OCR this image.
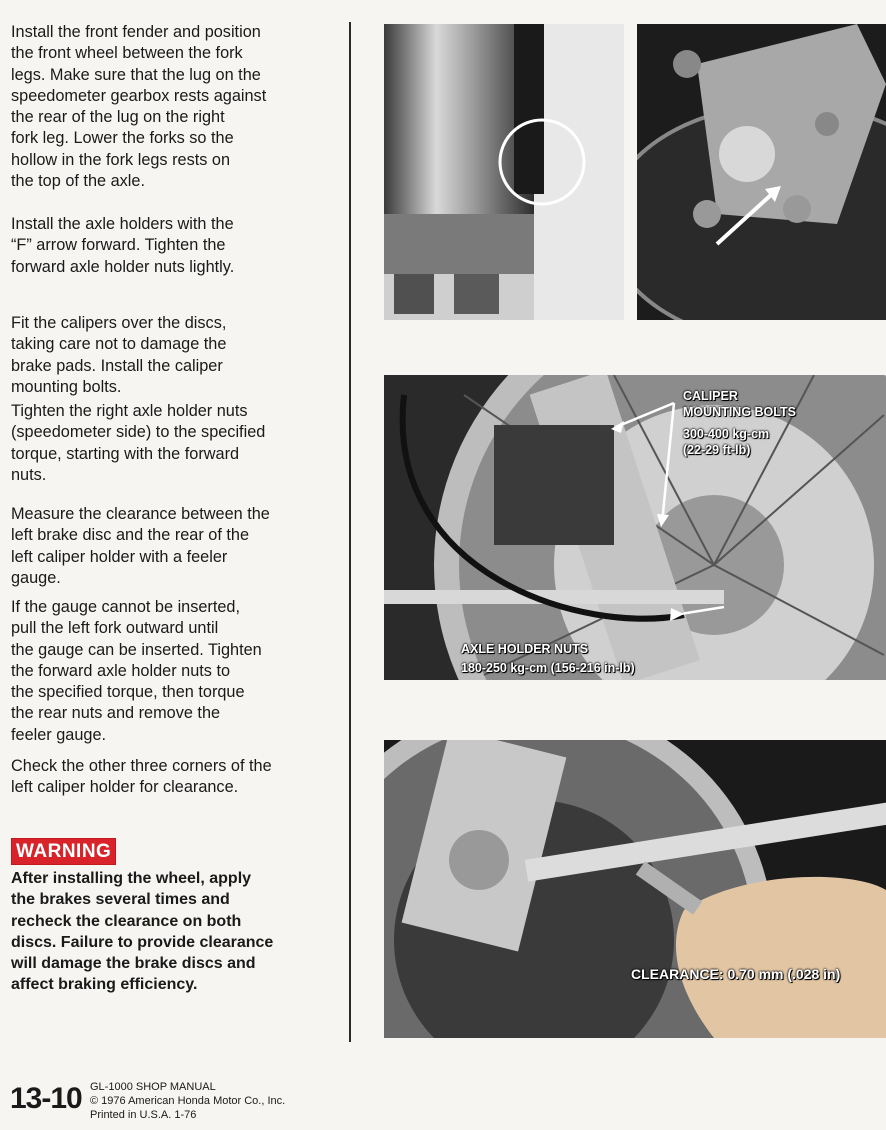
Install the front fender and position
the front wheel between the fork
legs. Make sure that the lug on the
speedometer gearbox rests against
the rear of the lug on the right
fork leg. Lower the forks so the
hollow in the fork legs rests on
the top of the axle.

Install the axle holders with the
“F” arrow forward. Tighten the
forward axle holder nuts lightly.

Fit the calipers over the discs,
taking care not to damage the
brake pads. Install the caliper
mounting bolts.

Tighten the right axle holder nuts
(speedometer side) to the specified
torque, starting with the forward
nuts.

Measure the clearance between the
left brake disc and the rear of the
left caliper holder with a feeler
gauge.

If the gauge cannot be inserted,
pull the left fork outward until
the gauge can be inserted. Tighten
the forward axle holder nuts to
the specified torque, then torque
the rear nuts and remove the
feeler gauge.

Check the other three corners of the
left caliper holder for clearance.

WARNING

After installing the wheel, apply
the brakes several times and
recheck the clearance on both
discs. Failure to provide clearance
will damage the brake discs and
affect braking efficiency.

CALIPER
MOUNTING BOLTS
300-400 kg-cm
(22-29 ft-lb)
AXLE HOLDER NUTS
180-250 kg-cm (156-216 in-lb)
CLEARANCE: 0.70 mm (.028 in)
13-10 GL-1000 SHOP MANUAL
© 1976 American Honda Motor Co., Inc.
Printed in U.S.A. 1-76
